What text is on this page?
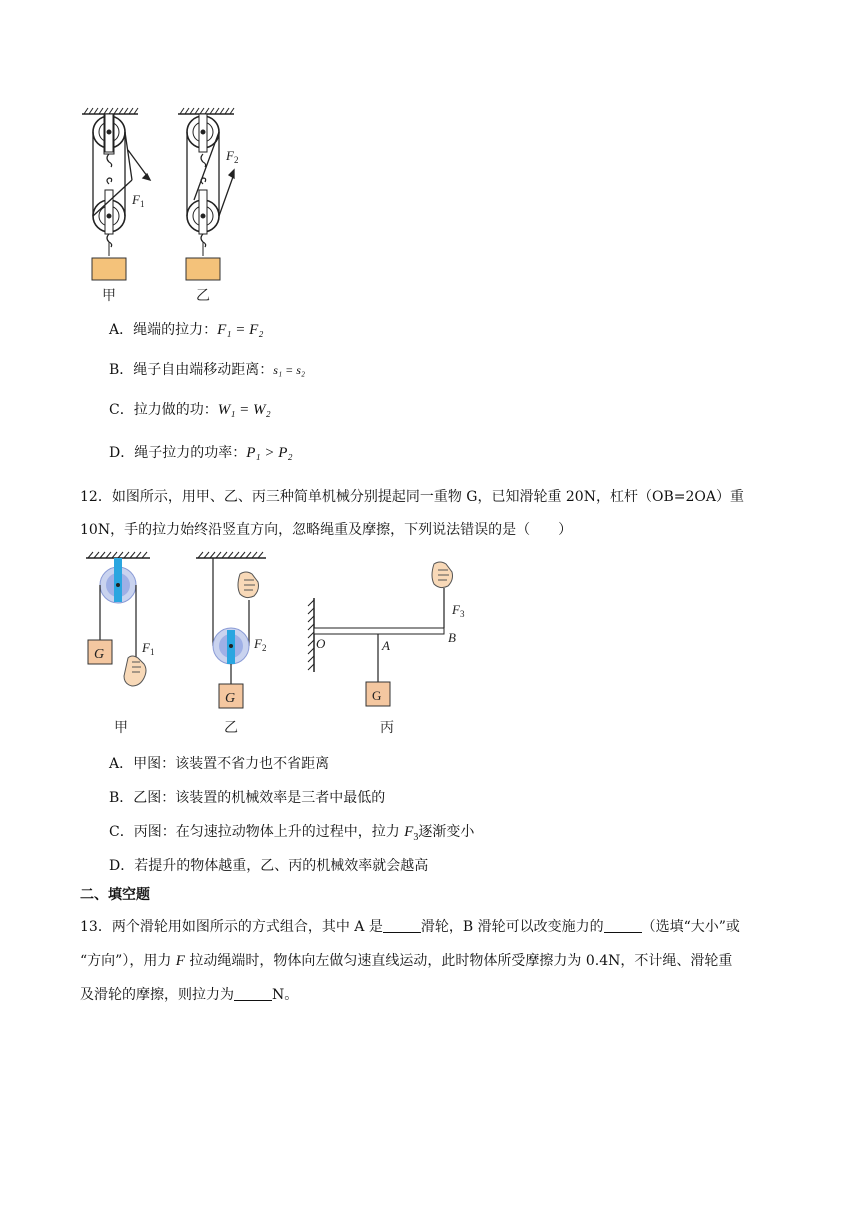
$F_1$
$F_2$
甲	乙
A．绳端的拉力：F₁ = F₂
B．绳子自由端移动距离：s₁ = s₂
C．拉力做的功：W₁ = W₂
D．绳子拉力的功率：P₁ > P₂
12．如图所示，用甲、乙、丙三种简单机械分别提起同一重物 G，已知滑轮重 20N，杠杆（OB=2OA）重
10N，手的拉力始终沿竖直方向，忽略绳重及摩擦，下列说法错误的是（　　）
G	$F_1$
甲
G
$F_2$
乙
G
$F_3$
O	A
B
丙
A．甲图：该装置不省力也不省距离
B．乙图：该装置的机械效率是三者中最低的
C．丙图：在匀速拉动物体上升的过程中，拉力 $F_3$逐渐变小
D．若提升的物体越重，乙、丙的机械效率就会越高
二、填空题
13．两个滑轮用如图所示的方式组合，其中 A 是	滑轮，B 滑轮可以改变施力的	（选填“大小”或
“方向”），用力 F 拉动绳端时，物体向左做匀速直线运动，此时物体所受摩擦力为 0.4N，不计绳、滑轮重
及滑轮的摩擦，则拉力为	N。
